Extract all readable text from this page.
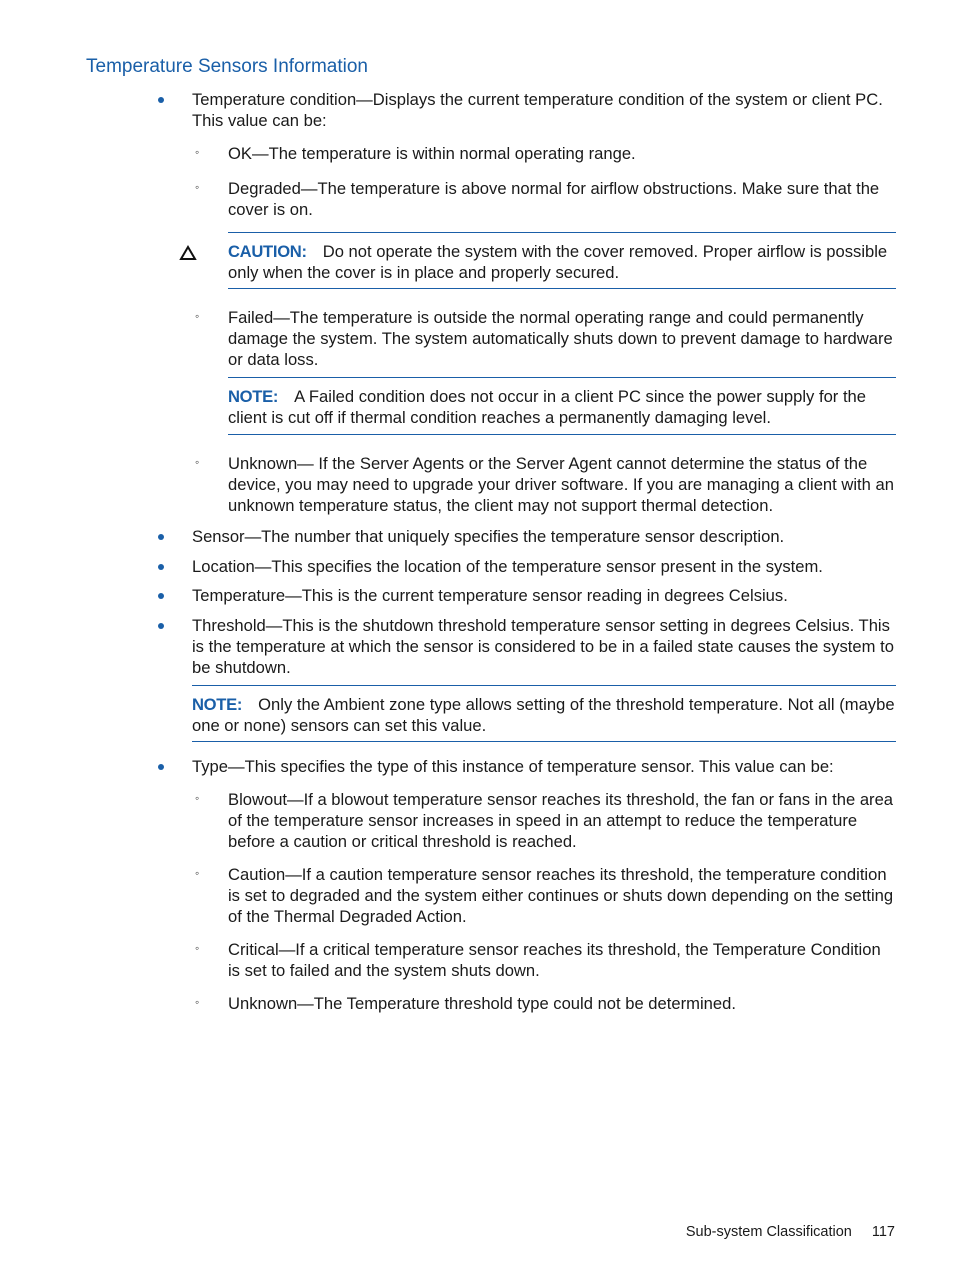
Temperature Sensors Information
Temperature condition—Displays the current temperature condition of the system or client PC. This value can be:
◦ OK—The temperature is within normal operating range.
◦ Degraded—The temperature is above normal for airflow obstructions. Make sure that the cover is on.
CAUTION: Do not operate the system with the cover removed. Proper airflow is possible only when the cover is in place and properly secured.
◦ Failed—The temperature is outside the normal operating range and could permanently damage the system. The system automatically shuts down to prevent damage to hardware or data loss.
NOTE: A Failed condition does not occur in a client PC since the power supply for the client is cut off if thermal condition reaches a permanently damaging level.
◦ Unknown— If the Server Agents or the Server Agent cannot determine the status of the device, you may need to upgrade your driver software. If you are managing a client with an unknown temperature status, the client may not support thermal detection.
Sensor—The number that uniquely specifies the temperature sensor description.
Location—This specifies the location of the temperature sensor present in the system.
Temperature—This is the current temperature sensor reading in degrees Celsius.
Threshold—This is the shutdown threshold temperature sensor setting in degrees Celsius. This is the temperature at which the sensor is considered to be in a failed state causes the system to be shutdown.
NOTE: Only the Ambient zone type allows setting of the threshold temperature. Not all (maybe one or none) sensors can set this value.
Type—This specifies the type of this instance of temperature sensor. This value can be:
◦ Blowout—If a blowout temperature sensor reaches its threshold, the fan or fans in the area of the temperature sensor increases in speed in an attempt to reduce the temperature before a caution or critical threshold is reached.
◦ Caution—If a caution temperature sensor reaches its threshold, the temperature condition is set to degraded and the system either continues or shuts down depending on the setting of the Thermal Degraded Action.
◦ Critical—If a critical temperature sensor reaches its threshold, the Temperature Condition is set to failed and the system shuts down.
◦ Unknown—The Temperature threshold type could not be determined.
Sub-system Classification 117
